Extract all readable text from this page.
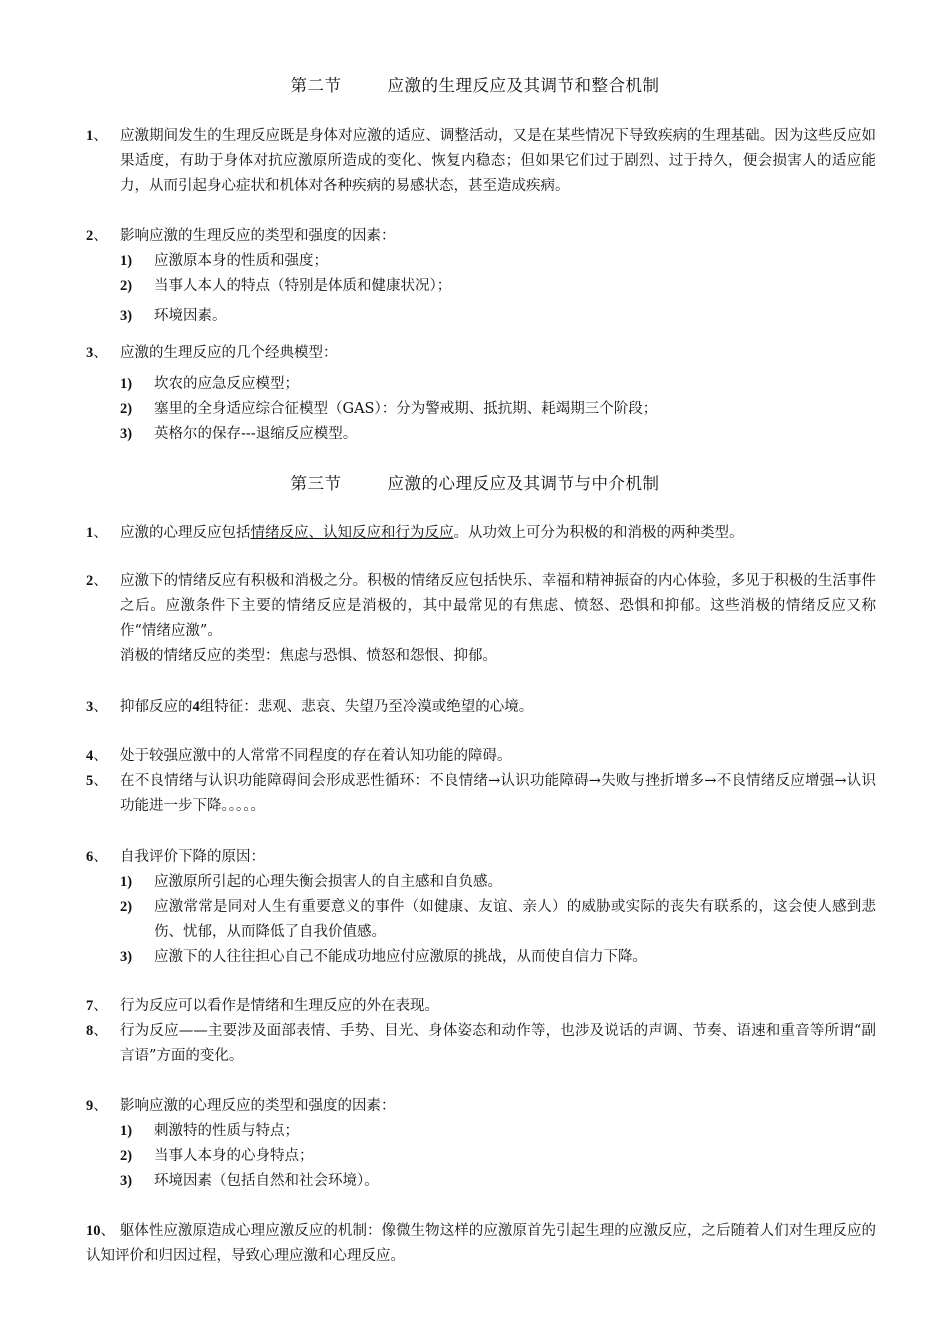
第二节	应激的生理反应及其调节和整合机制
1、 应激期间发生的生理反应既是身体对应激的适应、调整活动，又是在某些情况下导致疾病的生理基础。因为这些反应如果适度，有助于身体对抗应激原所造成的变化、恢复内稳态；但如果它们过于剧烈、过于持久，便会损害人的适应能力，从而引起身心症状和机体对各种疾病的易感状态，甚至造成疾病。
2、 影响应激的生理反应的类型和强度的因素：
1) 应激原本身的性质和强度；
2) 当事人本人的特点（特别是体质和健康状况）；
3) 环境因素。
3、 应激的生理反应的几个经典模型：
1) 坎农的应急反应模型；
2) 塞里的全身适应综合征模型（GAS）：分为警戒期、抵抗期、耗竭期三个阶段；
3) 英格尔的保存---退缩反应模型。
第三节	应激的心理反应及其调节与中介机制
1、 应激的心理反应包括情绪反应、认知反应和行为反应。从功效上可分为积极的和消极的两种类型。
2、 应激下的情绪反应有积极和消极之分。积极的情绪反应包括快乐、幸福和精神振奋的内心体验，多见于积极的生活事件之后。应激条件下主要的情绪反应是消极的，其中最常见的有焦虑、愤怒、恐惧和抑郁。这些消极的情绪反应又称作“情绪应激”。
消极的情绪反应的类型：焦虑与恐惧、愤怒和怨恨、抑郁。
3、 抑郁反应的4组特征：悲观、悲哀、失望乃至冷漠或绝望的心境。
4、 处于较强应激中的人常常不同程度的存在着认知功能的障碍。
5、 在不良情绪与认识功能障碍间会形成恶性循环：不良情绪→认识功能障碍→失败与挫折增多→不良情绪反应增强→认识功能进一步下降。。。。。
6、 自我评价下降的原因：
1) 应激原所引起的心理失衡会损害人的自主感和自负感。
2) 应激常常是同对人生有重要意义的事件（如健康、友谊、亲人）的威胁或实际的丧失有联系的，这会使人感到悲伤、忧郁，从而降低了自我价值感。
3) 应激下的人往往担心自己不能成功地应付应激原的挑战，从而使自信力下降。
7、 行为反应可以看作是情绪和生理反应的外在表现。
8、 行为反应——主要涉及面部表情、手势、目光、身体姿态和动作等，也涉及说话的声调、节奏、语速和重音等所谓“副言语”方面的变化。
9、 影响应激的心理反应的类型和强度的因素：
1) 刺激特的性质与特点；
2) 当事人本身的心身特点；
3) 环境因素（包括自然和社会环境）。
10、 躯体性应激原造成心理应激反应的机制：像微生物这样的应激原首先引起生理的应激反应，之后随着人们对生理反应的认知评价和归因过程，导致心理应激和心理反应。
